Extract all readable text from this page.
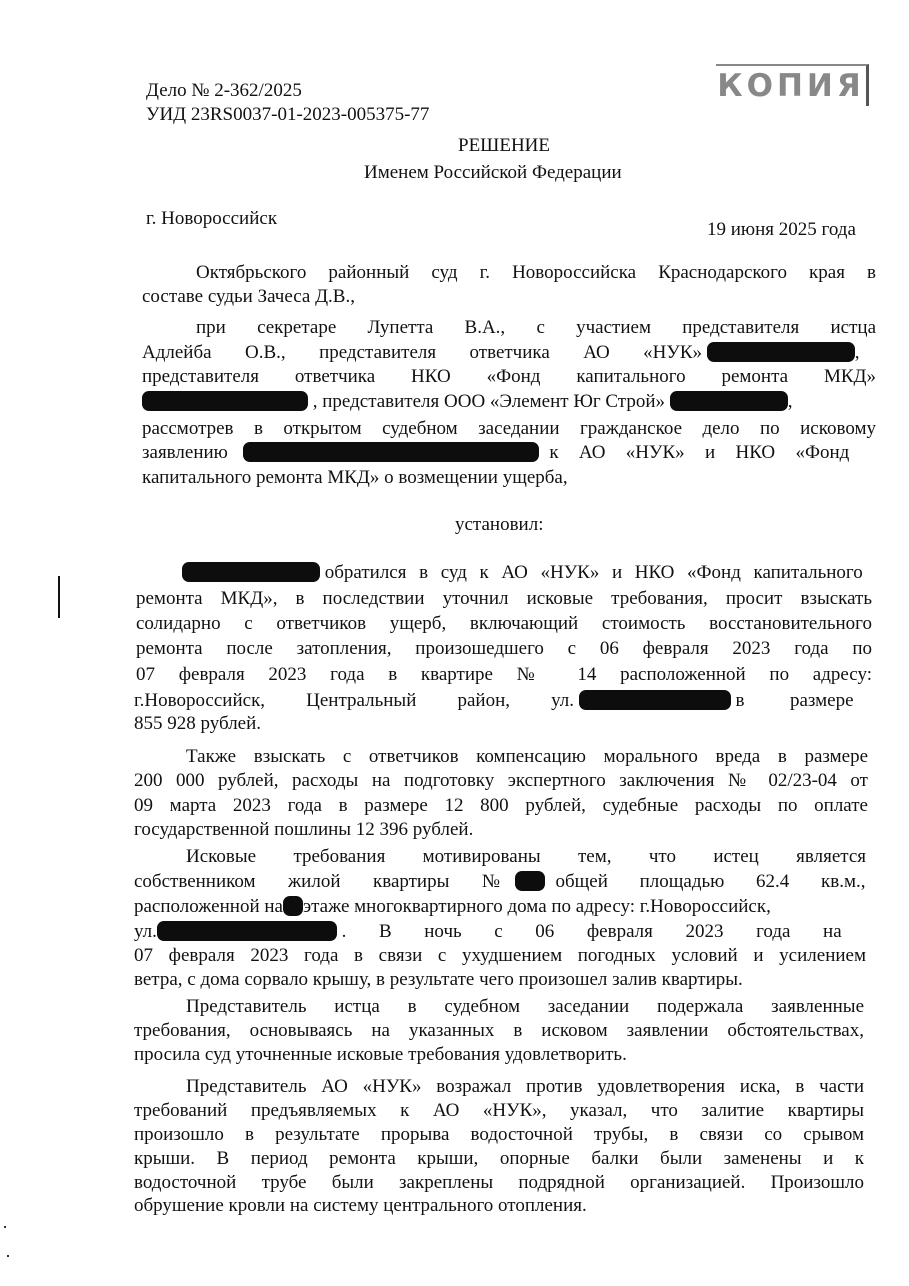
КОПИЯ
Дело № 2-362/2025
УИД 23RS0037-01-2023-005375-77
РЕШЕНИЕ
Именем Российской Федерации
г. Новороссийск
19 июня 2025 года
Октябрьского районный суд г. Новороссийска Краснодарского края в
составе судьи Зачеса Д.В.,
при секретаре Лупетта В.А., с участием представителя истца
Адлейба О.В., представителя ответчика АО «НУК»	,
представителя ответчика НКО «Фонд капитального ремонта МКД»
, представителя ООО «Элемент Юг Строй»	,
рассмотрев в открытом судебном заседании гражданское дело по исковому
заявлению	к АО «НУК» и НКО «Фонд
капитального ремонта МКД» о возмещении ущерба,
установил:
обратился в суд к АО «НУК» и НКО «Фонд капитального
ремонта МКД», в последствии уточнил исковые требования, просит взыскать
солидарно с ответчиков ущерб, включающий стоимость восстановительного
ремонта после затопления, произошедшего с 06 февраля 2023 года по
07 февраля 2023 года в квартире № 14 расположенной по адресу:
г.Новороссийск, Центральный район, ул.	в размере
855 928 рублей.
Также взыскать с ответчиков компенсацию морального вреда в размере
200 000 рублей, расходы на подготовку экспертного заключения № 02/23-04 от
09 марта 2023 года в размере 12 800 рублей, судебные расходы по оплате
государственной пошлины 12 396 рублей.
Исковые требования мотивированы тем, что истец является
собственником жилой квартиры №	общей площадью 62.4 кв.м.,
расположенной на этаже многоквартирного дома по адресу: г.Новороссийск,
ул.	. В ночь с 06 февраля 2023 года на
07 февраля 2023 года в связи с ухудшением погодных условий и усилением
ветра, с дома сорвало крышу, в результате чего произошел залив квартиры.
Представитель истца в судебном заседании подержала заявленные
требования, основываясь на указанных в исковом заявлении обстоятельствах,
просила суд уточненные исковые требования удовлетворить.
Представитель АО «НУК» возражал против удовлетворения иска, в части
требований предъявляемых к АО «НУК», указал, что залитие квартиры
произошло в результате прорыва водосточной трубы, в связи со срывом
крыши. В период ремонта крыши, опорные балки были заменены и к
водосточной трубе были закреплены подрядной организацией. Произошло
обрушение кровли на систему центрального отопления.
